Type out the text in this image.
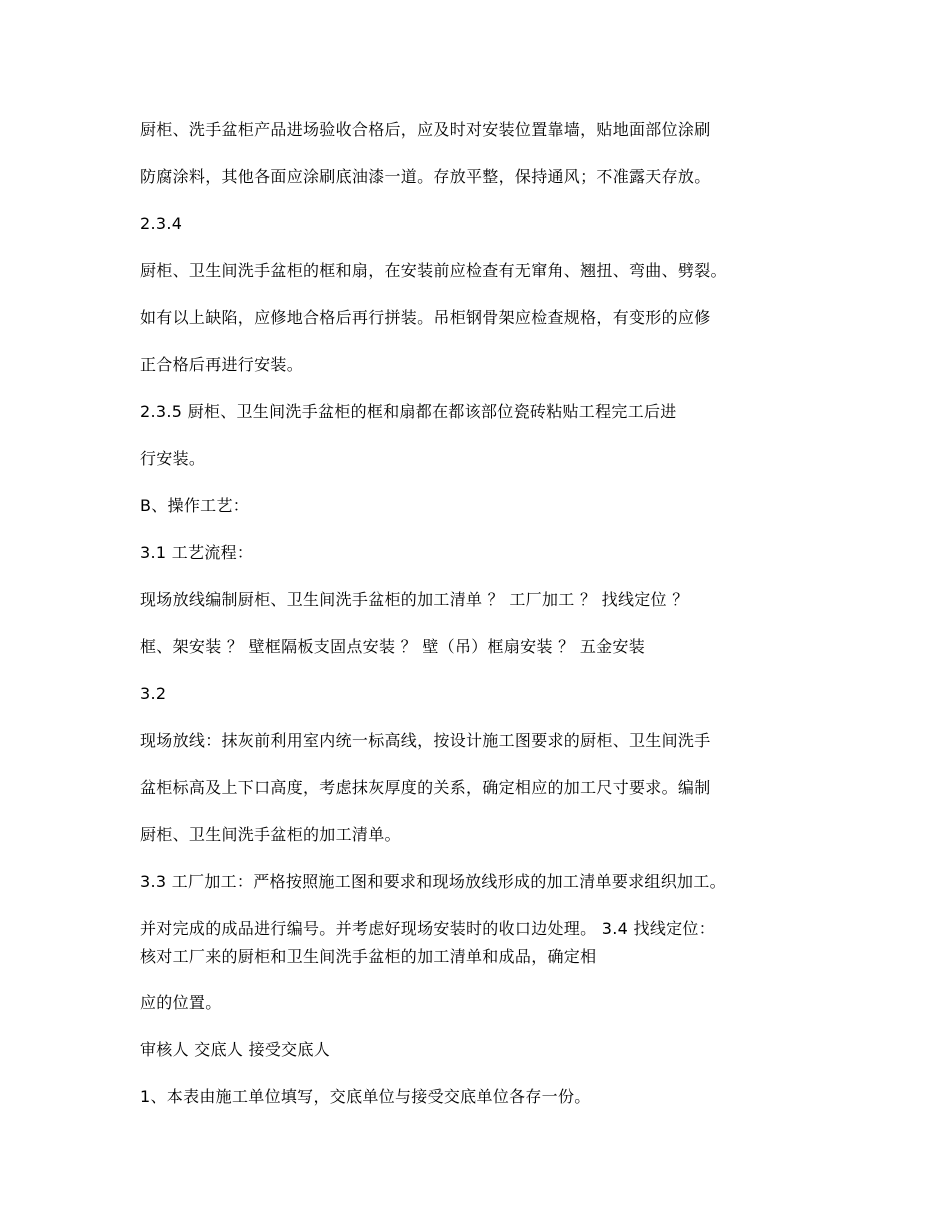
厨柜、洗手盆柜产品进场验收合格后，应及时对安装位置靠墙，贴地面部位涂刷
防腐涂料，其他各面应涂刷底油漆一道。存放平整，保持通风；不准露天存放。
2.3.4
厨柜、卫生间洗手盆柜的框和扇，在安装前应检查有无窜角、翘扭、弯曲、劈裂。
如有以上缺陷，应修地合格后再行拼装。吊柜钢骨架应检查规格，有变形的应修
正合格后再进行安装。
2.3.5 厨柜、卫生间洗手盆柜的框和扇都在都该部位瓷砖粘贴工程完工后进
行安装。
B、操作工艺：
3.1 工艺流程：
现场放线编制厨柜、卫生间洗手盆柜的加工清单 ？ 工厂加工 ？ 找线定位 ？
框、架安装 ？ 壁框隔板支固点安装 ？ 壁（吊）框扇安装 ？ 五金安装
3.2
现场放线：抹灰前利用室内统一标高线，按设计施工图要求的厨柜、卫生间洗手
盆柜标高及上下口高度，考虑抹灰厚度的关系，确定相应的加工尺寸要求。编制
厨柜、卫生间洗手盆柜的加工清单。
3.3 工厂加工：严格按照施工图和要求和现场放线形成的加工清单要求组织加工。
并对完成的成品进行编号。并考虑好现场安装时的收口边处理。 3.4 找线定位：
核对工厂来的厨柜和卫生间洗手盆柜的加工清单和成品，确定相
应的位置。
审核人 交底人 接受交底人
1、本表由施工单位填写，交底单位与接受交底单位各存一份。
